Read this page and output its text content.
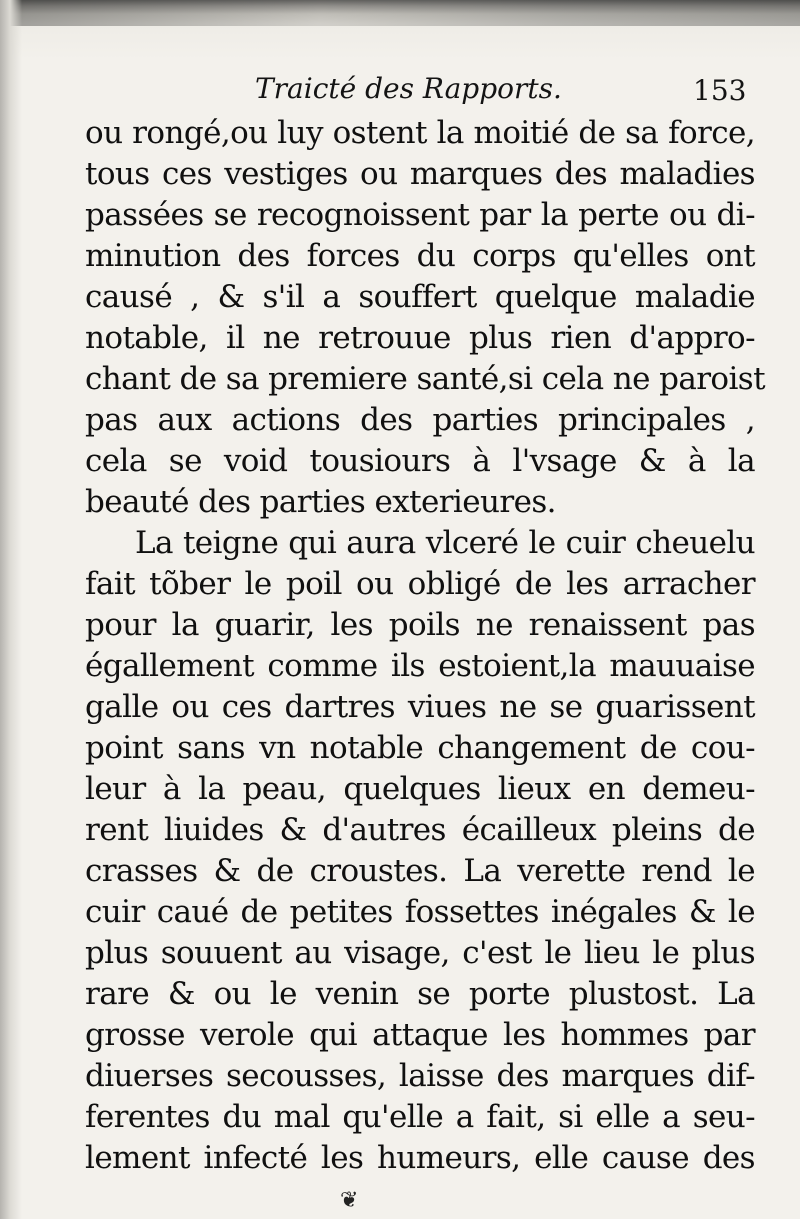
Traicté des Rapports.	153
ou rongé,ou luy ostent la moitié de sa force,
tous ces vestiges ou marques des maladies
passées se recognoissent par la perte ou di-
minution des forces du corps qu'elles ont
causé , & s'il a souffert quelque maladie
notable, il ne retrouue plus rien d'appro-
chant de sa premiere santé,si cela ne paroist
pas aux actions des parties principales ,
cela se void tousiours à l'vsage & à la
beauté des parties exterieures.
La teigne qui aura vlceré le cuir cheuelu
fait tõber le poil ou obligé de les arracher
pour la guarir, les poils ne renaissent pas
égallement comme ils estoient,la mauuaise
galle ou ces dartres viues ne se guarissent
point sans vn notable changement de cou-
leur à la peau, quelques lieux en demeu-
rent liuides & d'autres écailleux pleins de
crasses & de croustes. La verette rend le
cuir caué de petites fossettes inégales & le
plus souuent au visage, c'est le lieu le plus
rare & ou le venin se porte plustost. La
grosse verole qui attaque les hommes par
diuerses secousses, laisse des marques dif-
ferentes du mal qu'elle a fait, si elle a seu-
lement infecté les humeurs, elle cause des
❦
